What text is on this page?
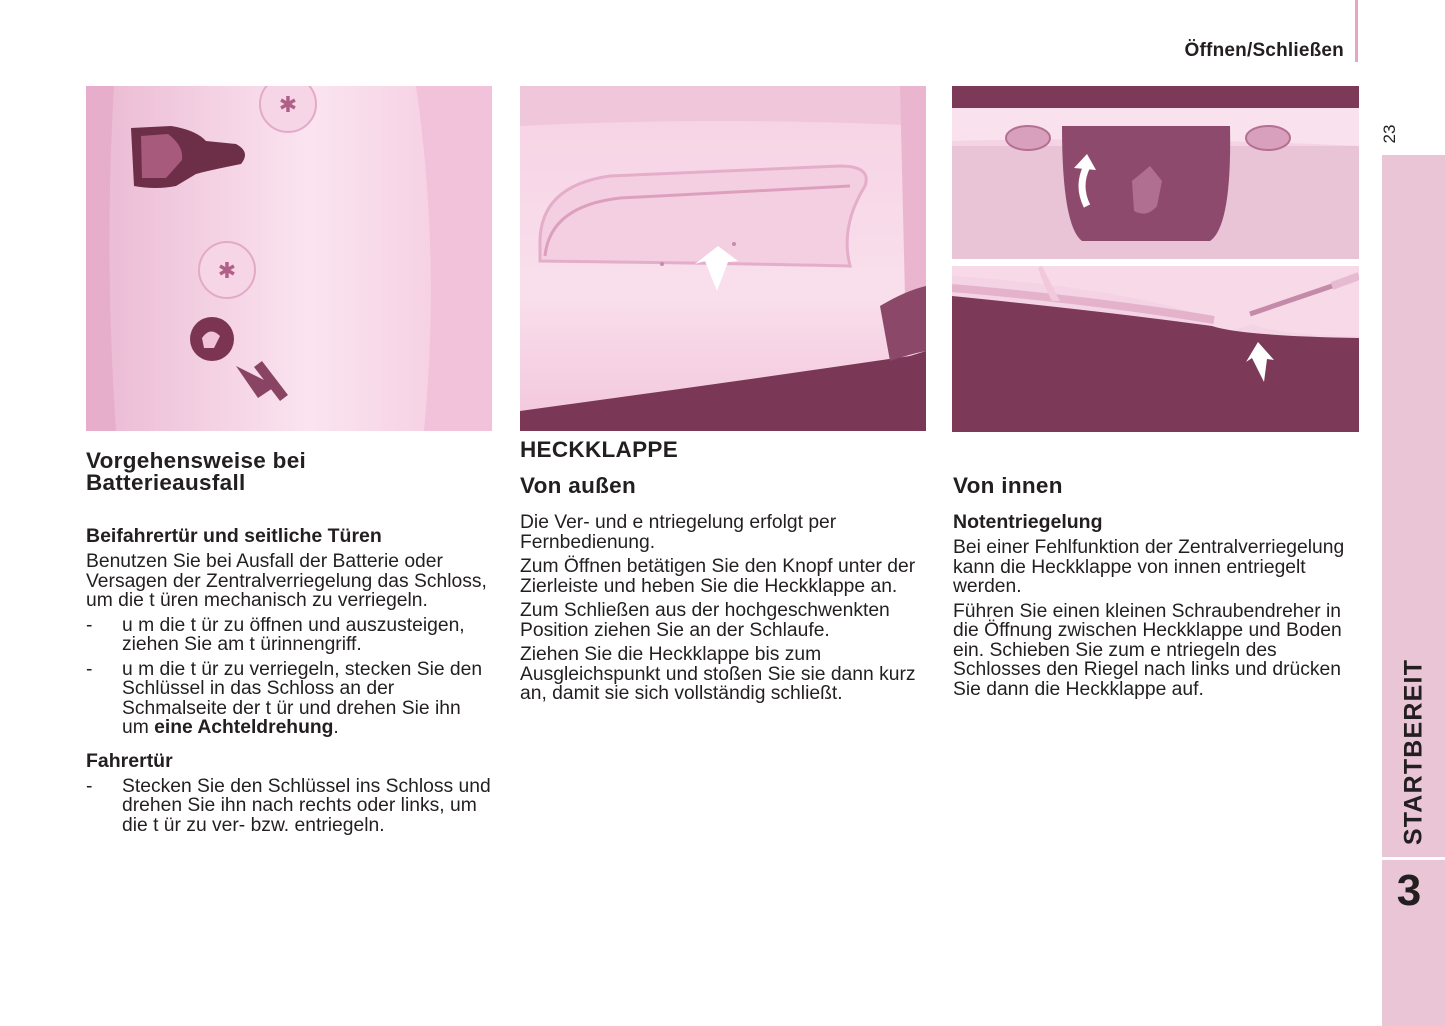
Öffnen/Schließen
23
STARTBEREIT
3
✱
✱
Vorgehensweise bei Batterieausfall
Beifahrertür und seitliche Türen

Benutzen Sie bei Ausfall der Batterie oder Versagen der Zentralverriegelung das Schloss, um die t üren mechanisch zu verriegeln.

- u m die t ür zu öffnen und auszusteigen, ziehen Sie am t ürinnengriff.
- u m die t ür zu verriegeln, stecken Sie den Schlüssel in das Schloss an der Schmalseite der t ür und drehen Sie ihn um eine Achteldrehung.
Fahrertür
- Stecken Sie den Schlüssel ins Schloss und drehen Sie ihn nach rechts oder links, um die t ür zu ver- bzw. entriegeln.
HECKKLAPPE
Von außen

Die Ver- und e ntriegelung erfolgt per Fernbedienung.

Zum Öffnen betätigen Sie den Knopf unter der Zierleiste und heben Sie die Heckklappe an.

Zum Schließen aus der hochgeschwenkten Position ziehen Sie an der Schlaufe.

Ziehen Sie die Heckklappe bis zum Ausgleichspunkt und stoßen Sie sie dann kurz an, damit sie sich vollständig schließt.

Von innen
Notentriegelung

Bei einer Fehlfunktion der Zentralverriegelung kann die Heckklappe von innen entriegelt werden.

Führen Sie einen kleinen Schraubendreher in die Öffnung zwischen Heckklappe und Boden ein. Schieben Sie zum e ntriegeln des Schlosses den Riegel nach links und drücken Sie dann die Heckklappe auf.
